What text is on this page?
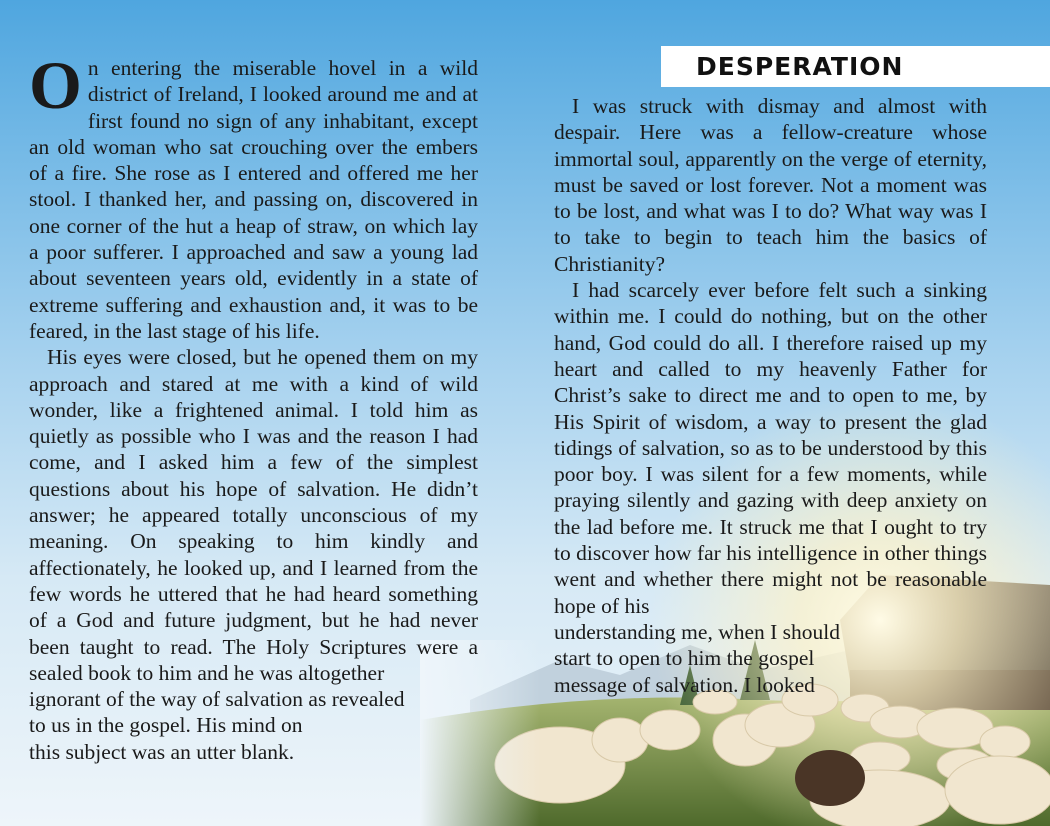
DESPERATION

On entering the miserable hovel in a wild district of Ireland, I looked around me and at first found no sign of any inhabitant, except an old woman who sat crouching over the embers of a fire. She rose as I entered and offered me her stool. I thanked her, and passing on, discovered in one corner of the hut a heap of straw, on which lay a poor sufferer. I approached and saw a young lad about seventeen years old, evidently in a state of extreme suffering and exhaustion and, it was to be feared, in the last stage of his life.

His eyes were closed, but he opened them on my approach and stared at me with a kind of wild wonder, like a frightened animal. I told him as quietly as possible who I was and the reason I had come, and I asked him a few of the simplest questions about his hope of salvation. He didn’t answer; he appeared totally unconscious of my meaning. On speaking to him kindly and affectionately, he looked up, and I learned from the few words he uttered that he had heard something of a God and future judgment, but he had never been taught to read. The Holy Scriptures were a sealed book to him and he was altogether

ignorant of the way of salvation as revealed

to us in the gospel. His mind on

this subject was an utter blank.

I was struck with dismay and almost with despair. Here was a fellow-creature whose immortal soul, apparently on the verge of eternity, must be saved or lost forever. Not a moment was to be lost, and what was I to do? What way was I to take to begin to teach him the basics of Christianity?

I had scarcely ever before felt such a sinking within me. I could do nothing, but on the other hand, God could do all. I therefore raised up my heart and called to my heavenly Father for Christ’s sake to direct me and to open to me, by His Spirit of wisdom, a way to present the glad tidings of salvation, so as to be understood by this poor boy. I was silent for a few moments, while praying silently and gazing with deep anxiety on the lad before me. It struck me that I ought to try to discover how far his intelligence in other things went and whether there might not be reasonable hope of his

understanding me, when I should

start to open to him the gospel

message of salvation. I looked
